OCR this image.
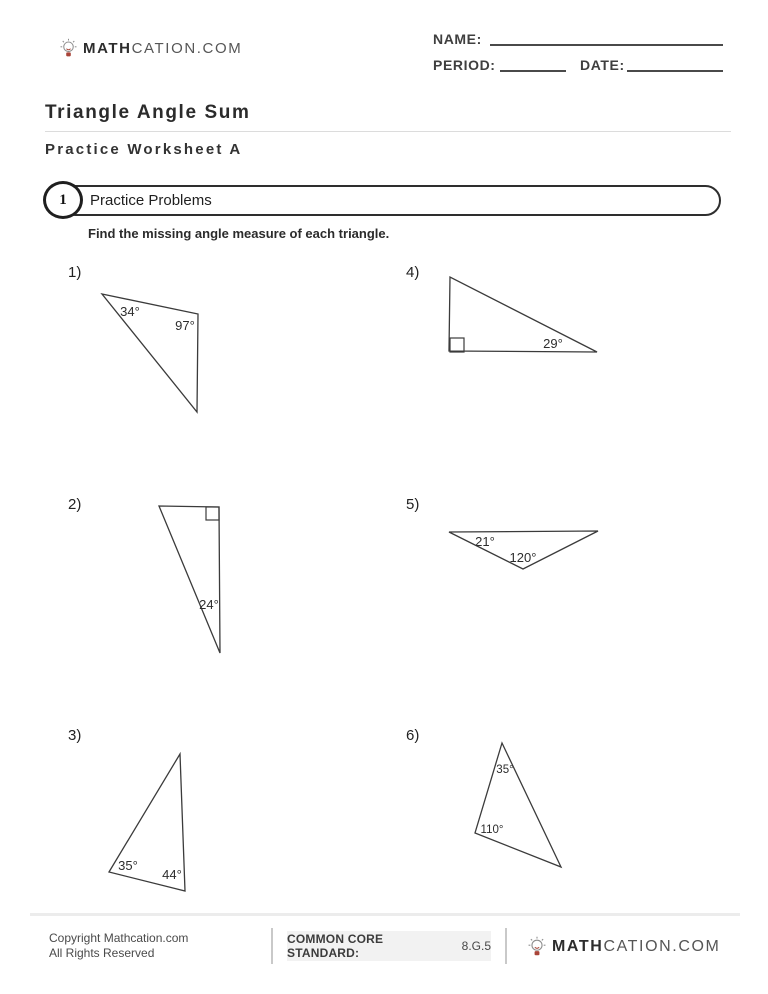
MATHCATION.COM
NAME:
PERIOD:	DATE:
Triangle Angle Sum
Practice Worksheet A
1 Practice Problems
Find the missing angle measure of each triangle.
1)
34°
97°
4)
29°
2)
24°
5)
21°
120°
3)
35°
44°
6)
35°
110°
Copyright Mathcation.com
All Rights Reserved
COMMON CORE STANDARD:	8.G.5	MATHCATION.COM
